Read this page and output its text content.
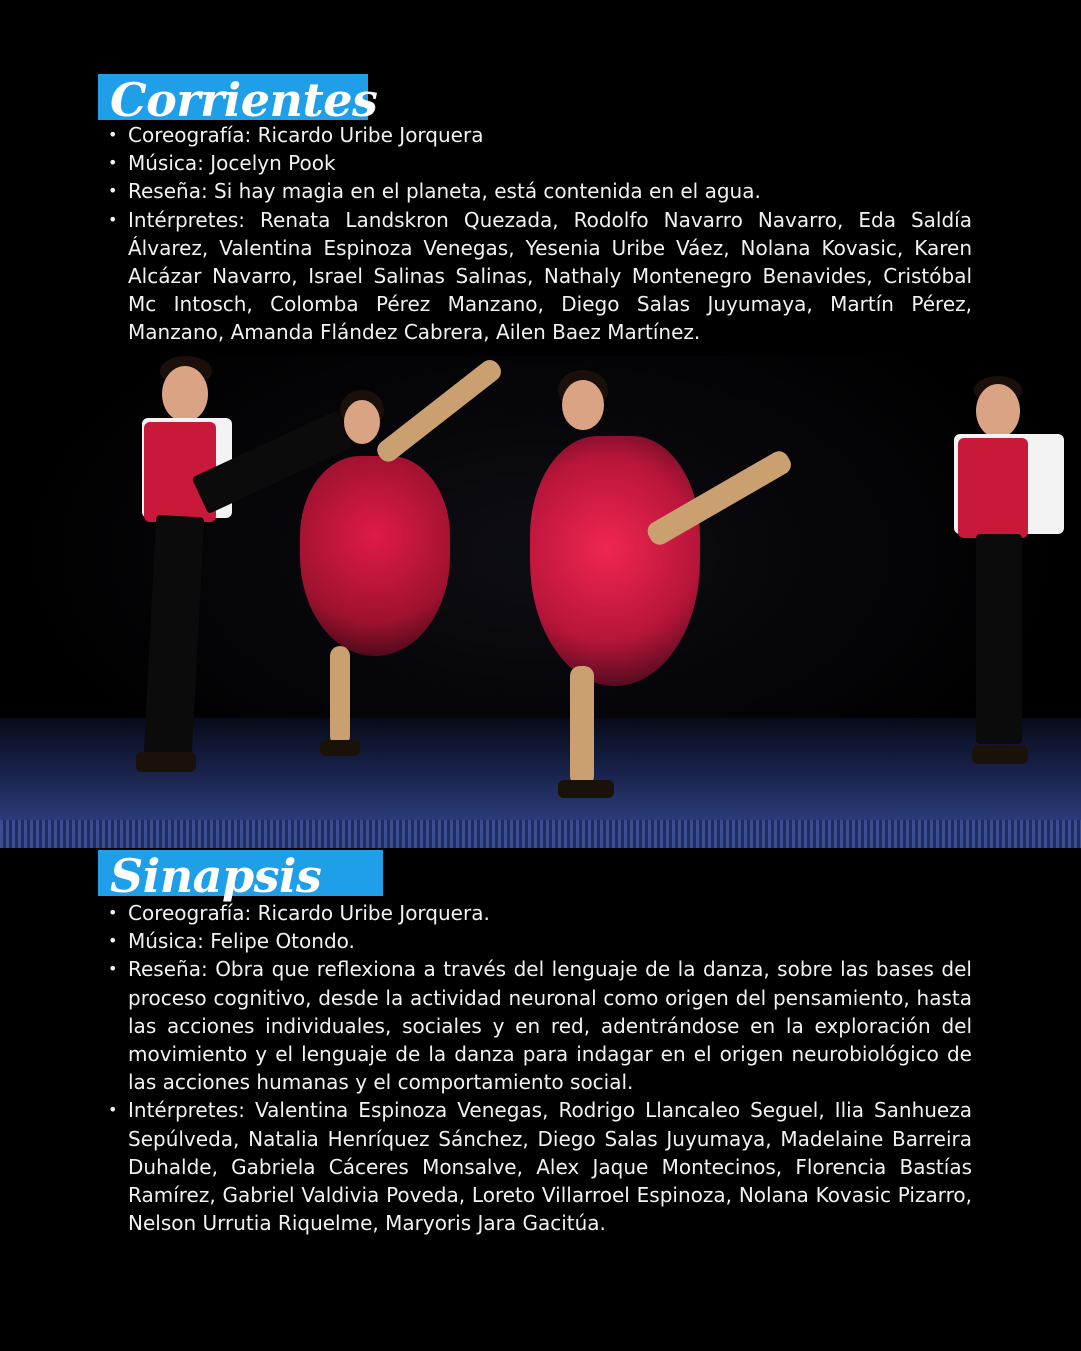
Corrientes
• Coreografía: Ricardo Uribe Jorquera
• Música: Jocelyn Pook
• Reseña: Si hay magia en el planeta, está contenida en el agua.
• Intérpretes: Renata Landskron Quezada, Rodolfo Navarro Navarro, Eda Saldía Álvarez, Valentina Espinoza Venegas, Yesenia Uribe Váez, Nolana Kovasic, Karen Alcázar Navarro, Israel Salinas Salinas, Nathaly Montenegro Benavides, Cristóbal Mc Intosch, Colomba Pérez Manzano, Diego Salas Juyumaya, Martín Pérez, Manzano, Amanda Flández Cabrera, Ailen Baez Martínez.
Sinapsis
• Coreografía: Ricardo Uribe Jorquera.
• Música: Felipe Otondo.
• Reseña: Obra que reflexiona a través del lenguaje de la danza, sobre las bases del proceso cognitivo, desde la actividad neuronal como origen del pensamiento, hasta las acciones individuales, sociales y en red, adentrándose en la exploración del movimiento y el lenguaje de la danza para indagar en el origen neurobiológico de las acciones humanas y el comportamiento social.
• Intérpretes: Valentina Espinoza Venegas, Rodrigo Llancaleo Seguel, Ilia Sanhueza Sepúlveda, Natalia Henríquez Sánchez, Diego Salas Juyumaya, Madelaine Barreira Duhalde, Gabriela Cáceres Monsalve, Alex Jaque Montecinos, Florencia Bastías Ramírez, Gabriel Valdivia Poveda, Loreto Villarroel Espinoza, Nolana Kovasic Pizarro, Nelson Urrutia Riquelme, Maryoris Jara Gacitúa.
